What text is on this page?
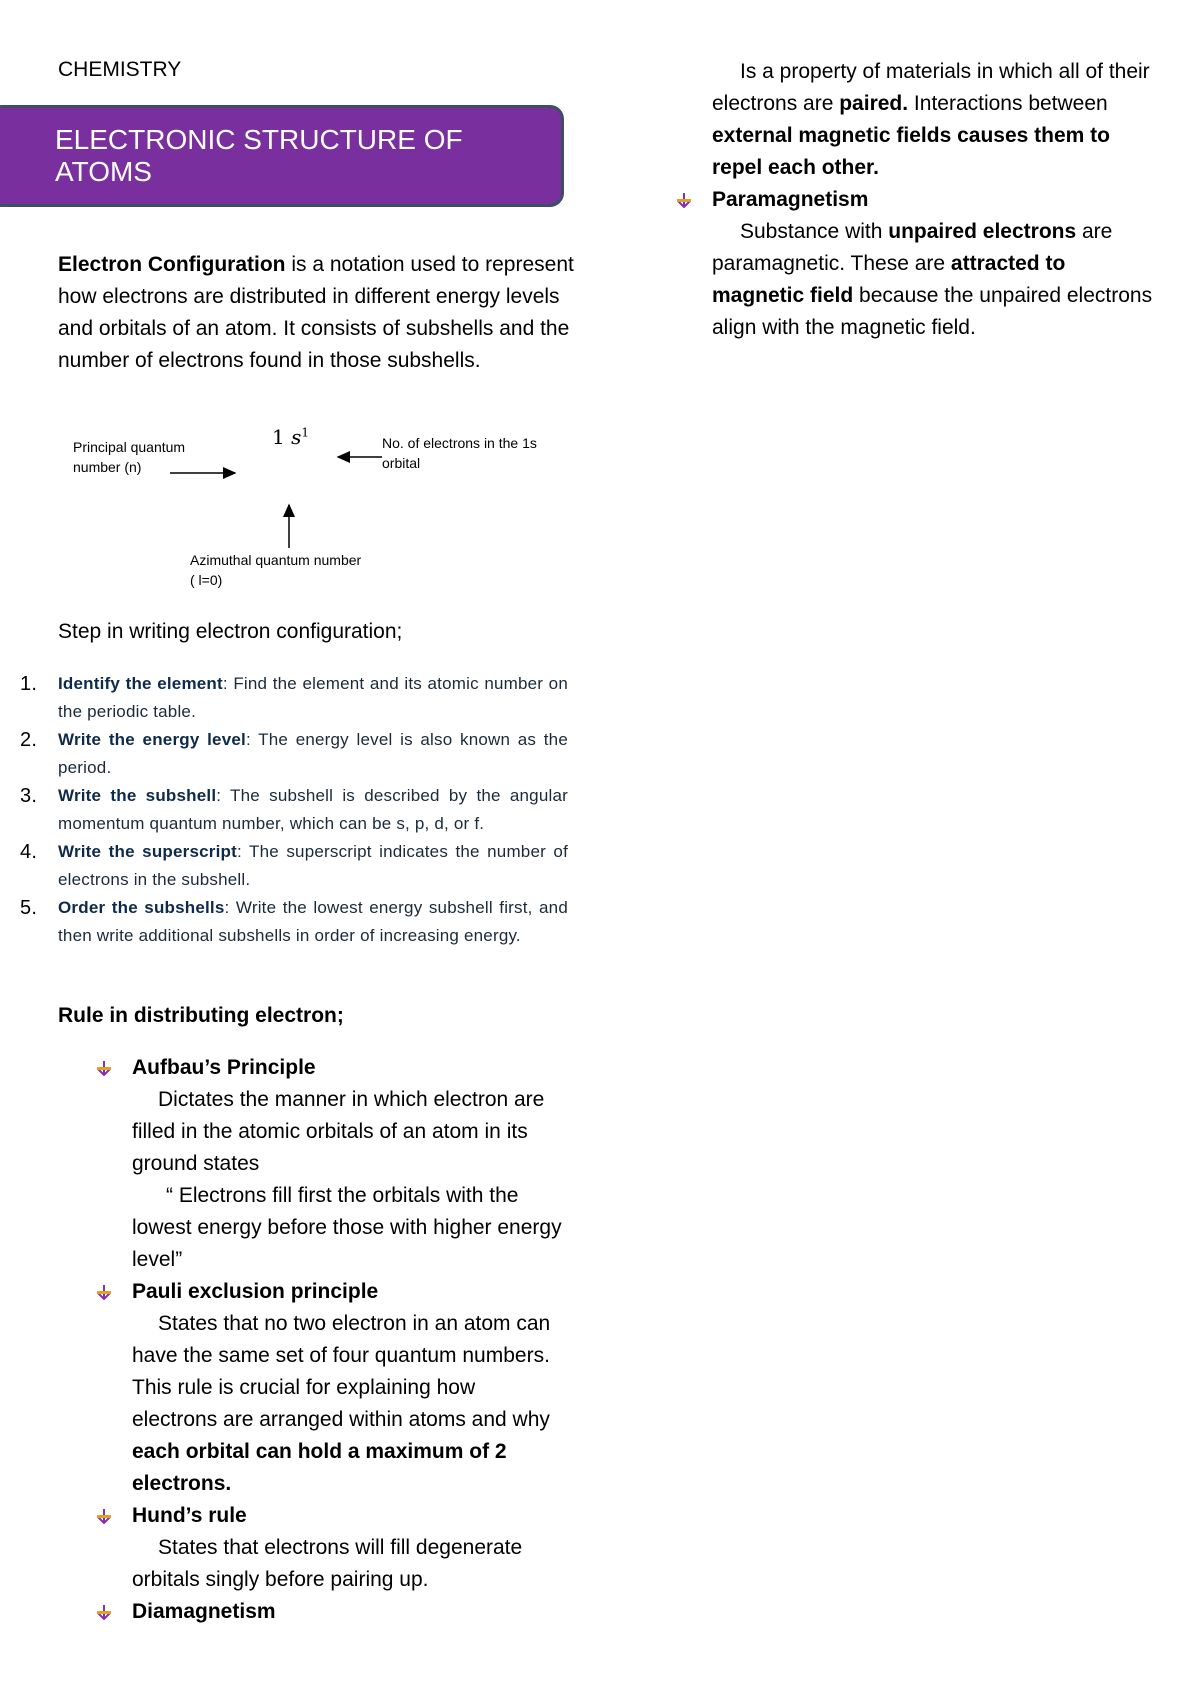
CHEMISTRY
ELECTRONIC STRUCTURE OF ATOMS
Electron Configuration is a notation used to represent how electrons are distributed in different energy levels and orbitals of an atom. It consists of subshells and the number of electrons found in those subshells.
1 $s^1$
Principal quantum
number (n)
No. of electrons in the 1s
orbital
Azimuthal quantum number
( l=0)
Step in writing electron configuration;
1. Identify the element: Find the element and its atomic number on the periodic table.
2. Write the energy level: The energy level is also known as the period.
3. Write the subshell: The subshell is described by the angular momentum quantum number, which can be s, p, d, or f.
4. Write the superscript: The superscript indicates the number of electrons in the subshell.
5. Order the subshells: Write the lowest energy subshell first, and then write additional subshells in order of increasing energy.
Rule in distributing electron;
Aufbau’s Principle
Dictates the manner in which electron are filled in the atomic orbitals of an atom in its ground states
“ Electrons fill first the orbitals with the lowest energy before those with higher energy level”
Pauli exclusion principle
States that no two electron in an atom can have the same set of four quantum numbers. This rule is crucial for explaining how electrons are arranged within atoms and why each orbital can hold a maximum of 2 electrons.
Hund’s rule
States that electrons will fill degenerate orbitals singly before pairing up.
Diamagnetism
Is a property of materials in which all of their electrons are paired. Interactions between external magnetic fields causes them to repel each other.
Paramagnetism
Substance with unpaired electrons are paramagnetic. These are attracted to magnetic field because the unpaired electrons align with the magnetic field.
